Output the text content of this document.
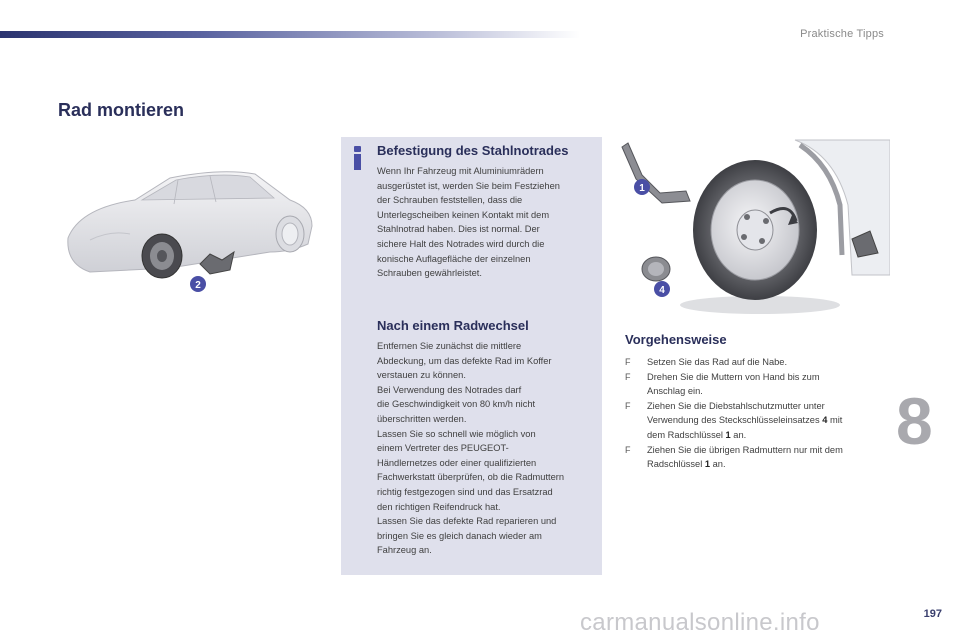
Praktische Tipps
Rad montieren
2
1
4
Befestigung des Stahlnotrades

Wenn Ihr Fahrzeug mit Aluminiumrädern

ausgerüstet ist, werden Sie beim Festziehen

der Schrauben feststellen, dass die

Unterlegscheiben keinen Kontakt mit dem

Stahlnotrad haben. Dies ist normal. Der

sichere Halt des Notrades wird durch die

konische Auflagefläche der einzelnen

Schrauben gewährleistet.

Nach einem Radwechsel

Entfernen Sie zunächst die mittlere

Abdeckung, um das defekte Rad im Koffer

verstauen zu können.

Bei Verwendung des Notrades darf

die Geschwindigkeit von 80 km/h nicht

überschritten werden.

Lassen Sie so schnell wie möglich von

einem Vertreter des PEUGEOT-

Händlernetzes oder einer qualifizierten

Fachwerkstatt überprüfen, ob die Radmuttern

richtig festgezogen sind und das Ersatzrad

den richtigen Reifendruck hat.

Lassen Sie das defekte Rad reparieren und

bringen Sie es gleich danach wieder am

Fahrzeug an.

Vorgehensweise
F Setzen Sie das Rad auf die Nabe.
F Drehen Sie die Muttern von Hand bis zum
Anschlag ein.
F Ziehen Sie die Diebstahlschutzmutter unter
Verwendung des Steckschlüsseleinsatzes 4 mit
dem Radschlüssel 1 an.
F Ziehen Sie die übrigen Radmuttern nur mit dem
Radschlüssel 1 an.
8
carmanualsonline.info	197
